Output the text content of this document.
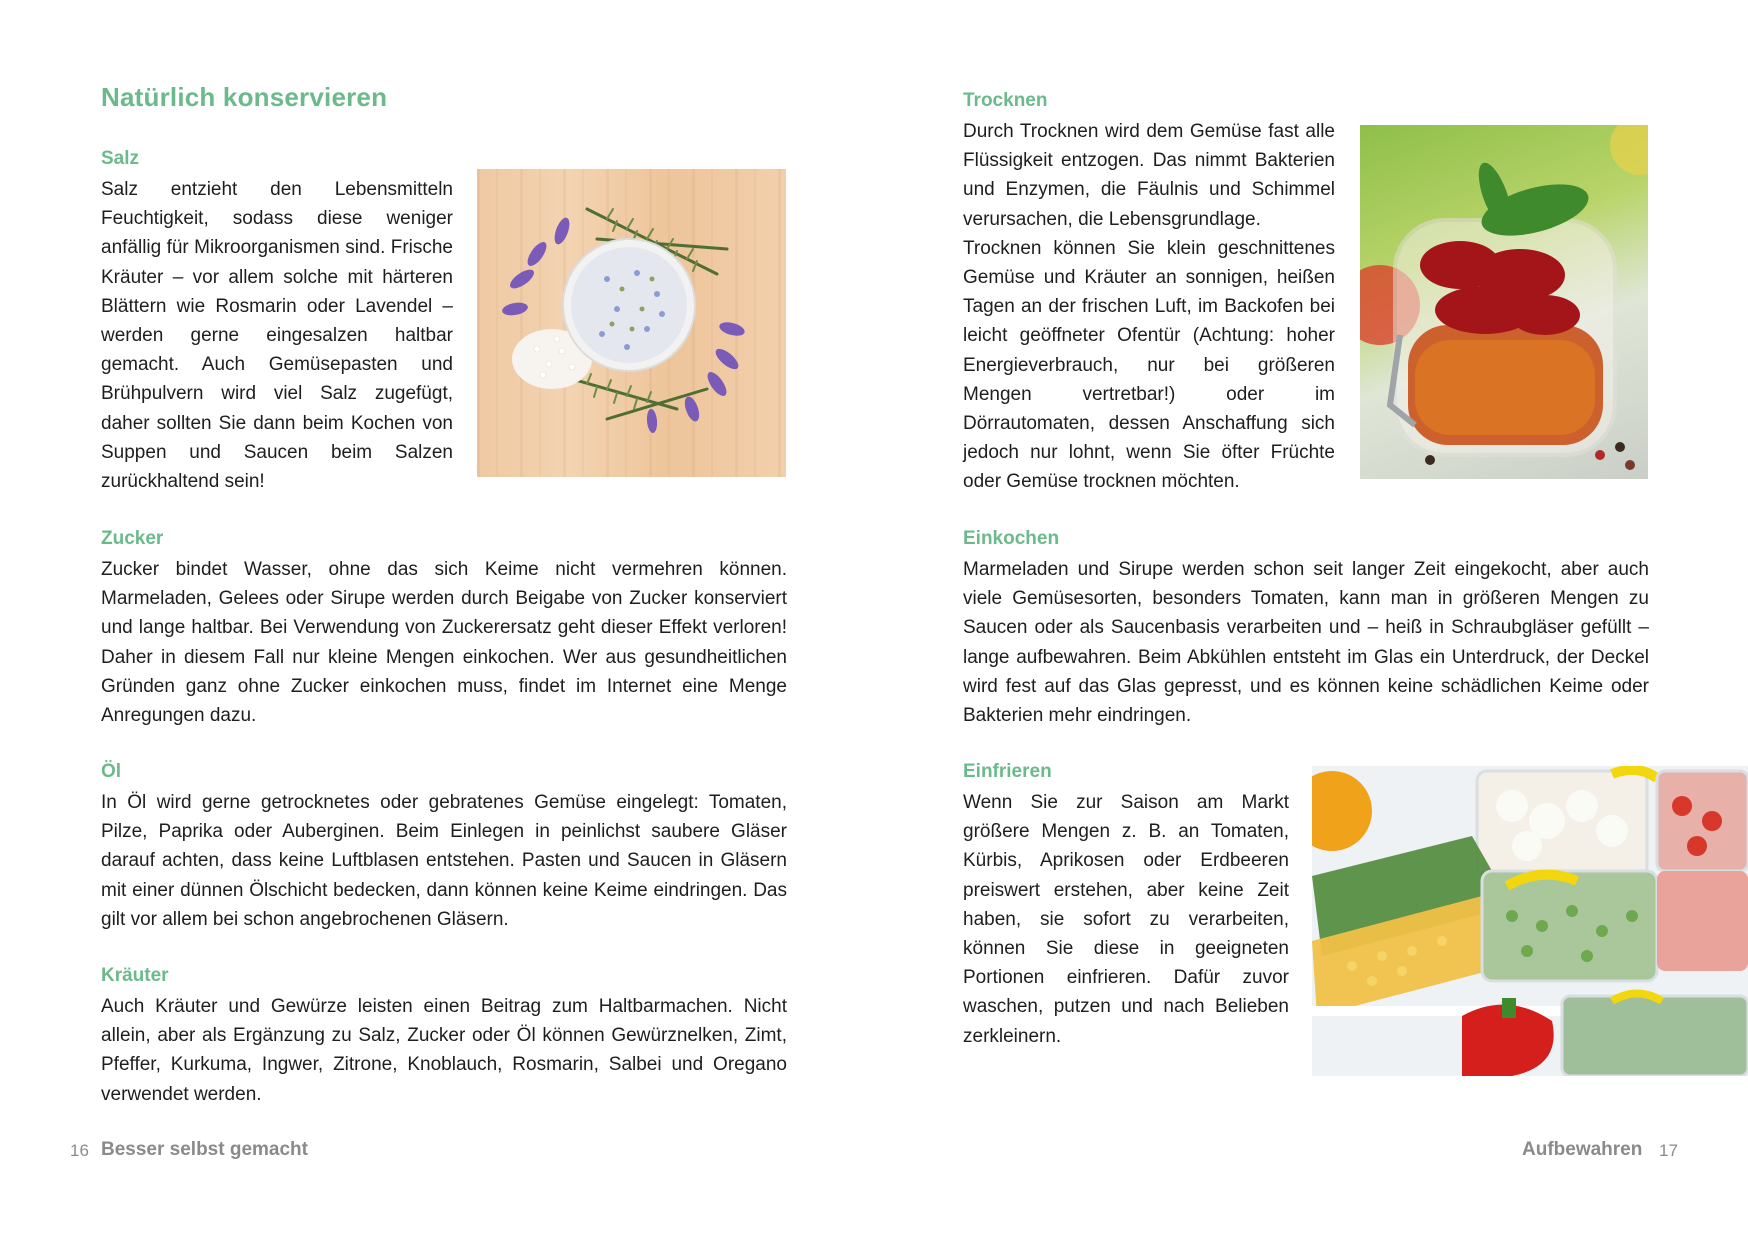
Natürlich konservieren
Salz

Salz entzieht den Lebensmitteln Feuchtigkeit, sodass diese weniger anfällig für Mikroorganismen sind. Frische Kräuter – vor allem solche mit härteren Blättern wie Rosmarin oder Lavendel – werden gerne eingesalzen haltbar gemacht. Auch Gemüsepasten und Brühpulvern wird viel Salz zugefügt, daher sollten Sie dann beim Kochen von Suppen und Saucen beim Salzen zurückhaltend sein!

Zucker

Zucker bindet Wasser, ohne das sich Keime nicht vermehren können. Marmeladen, Gelees oder Sirupe werden durch Beigabe von Zucker konserviert und lange haltbar. Bei Verwendung von Zuckerersatz geht dieser Effekt verloren! Daher in diesem Fall nur kleine Mengen einkochen. Wer aus gesundheitlichen Gründen ganz ohne Zucker einkochen muss, findet im Internet eine Menge Anregungen dazu.

Öl

In Öl wird gerne getrocknetes oder gebratenes Gemüse eingelegt: Tomaten, Pilze, Paprika oder Auberginen. Beim Einlegen in peinlichst saubere Gläser darauf achten, dass keine Luftblasen entstehen. Pasten und Saucen in Gläsern mit einer dünnen Ölschicht bedecken, dann können keine Keime eindringen. Das gilt vor allem bei schon angebrochenen Gläsern.

Kräuter

Auch Kräuter und Gewürze leisten einen Beitrag zum Haltbarmachen. Nicht allein, aber als Ergänzung zu Salz, Zucker oder Öl können Gewürznelken, Zimt, Pfeffer, Kurkuma, Ingwer, Zitrone, Knoblauch, Rosmarin, Salbei und Oregano verwendet werden.

16 Besser selbst gemacht
Trocknen

Durch Trocknen wird dem Gemüse fast alle Flüssigkeit entzogen. Das nimmt Bakterien und Enzymen, die Fäulnis und Schimmel verursachen, die Lebensgrundlage.

Trocknen können Sie klein geschnittenes Gemüse und Kräuter an sonnigen, heißen Tagen an der frischen Luft, im Backofen bei leicht geöffneter Ofentür (Achtung: hoher Energieverbrauch, nur bei größeren Mengen vertretbar!) oder im Dörrautomaten, dessen Anschaffung sich jedoch nur lohnt, wenn Sie öfter Früchte oder Gemüse trocknen möchten.

Einkochen

Marmeladen und Sirupe werden schon seit langer Zeit eingekocht, aber auch viele Gemüsesorten, besonders Tomaten, kann man in größeren Mengen zu Saucen oder als Saucenbasis verarbeiten und – heiß in Schraubgläser gefüllt – lange aufbewahren. Beim Abkühlen entsteht im Glas ein Unterdruck, der Deckel wird fest auf das Glas gepresst, und es können keine schädlichen Keime oder Bakterien mehr eindringen.

Einfrieren

Wenn Sie zur Saison am Markt größere Mengen z. B. an Tomaten, Kürbis, Aprikosen oder Erdbeeren preiswert erstehen, aber keine Zeit haben, sie sofort zu verarbeiten, können Sie diese in geeigneten Portionen einfrieren. Dafür zuvor waschen, putzen und nach Belieben zerkleinern.

Aufbewahren 17
